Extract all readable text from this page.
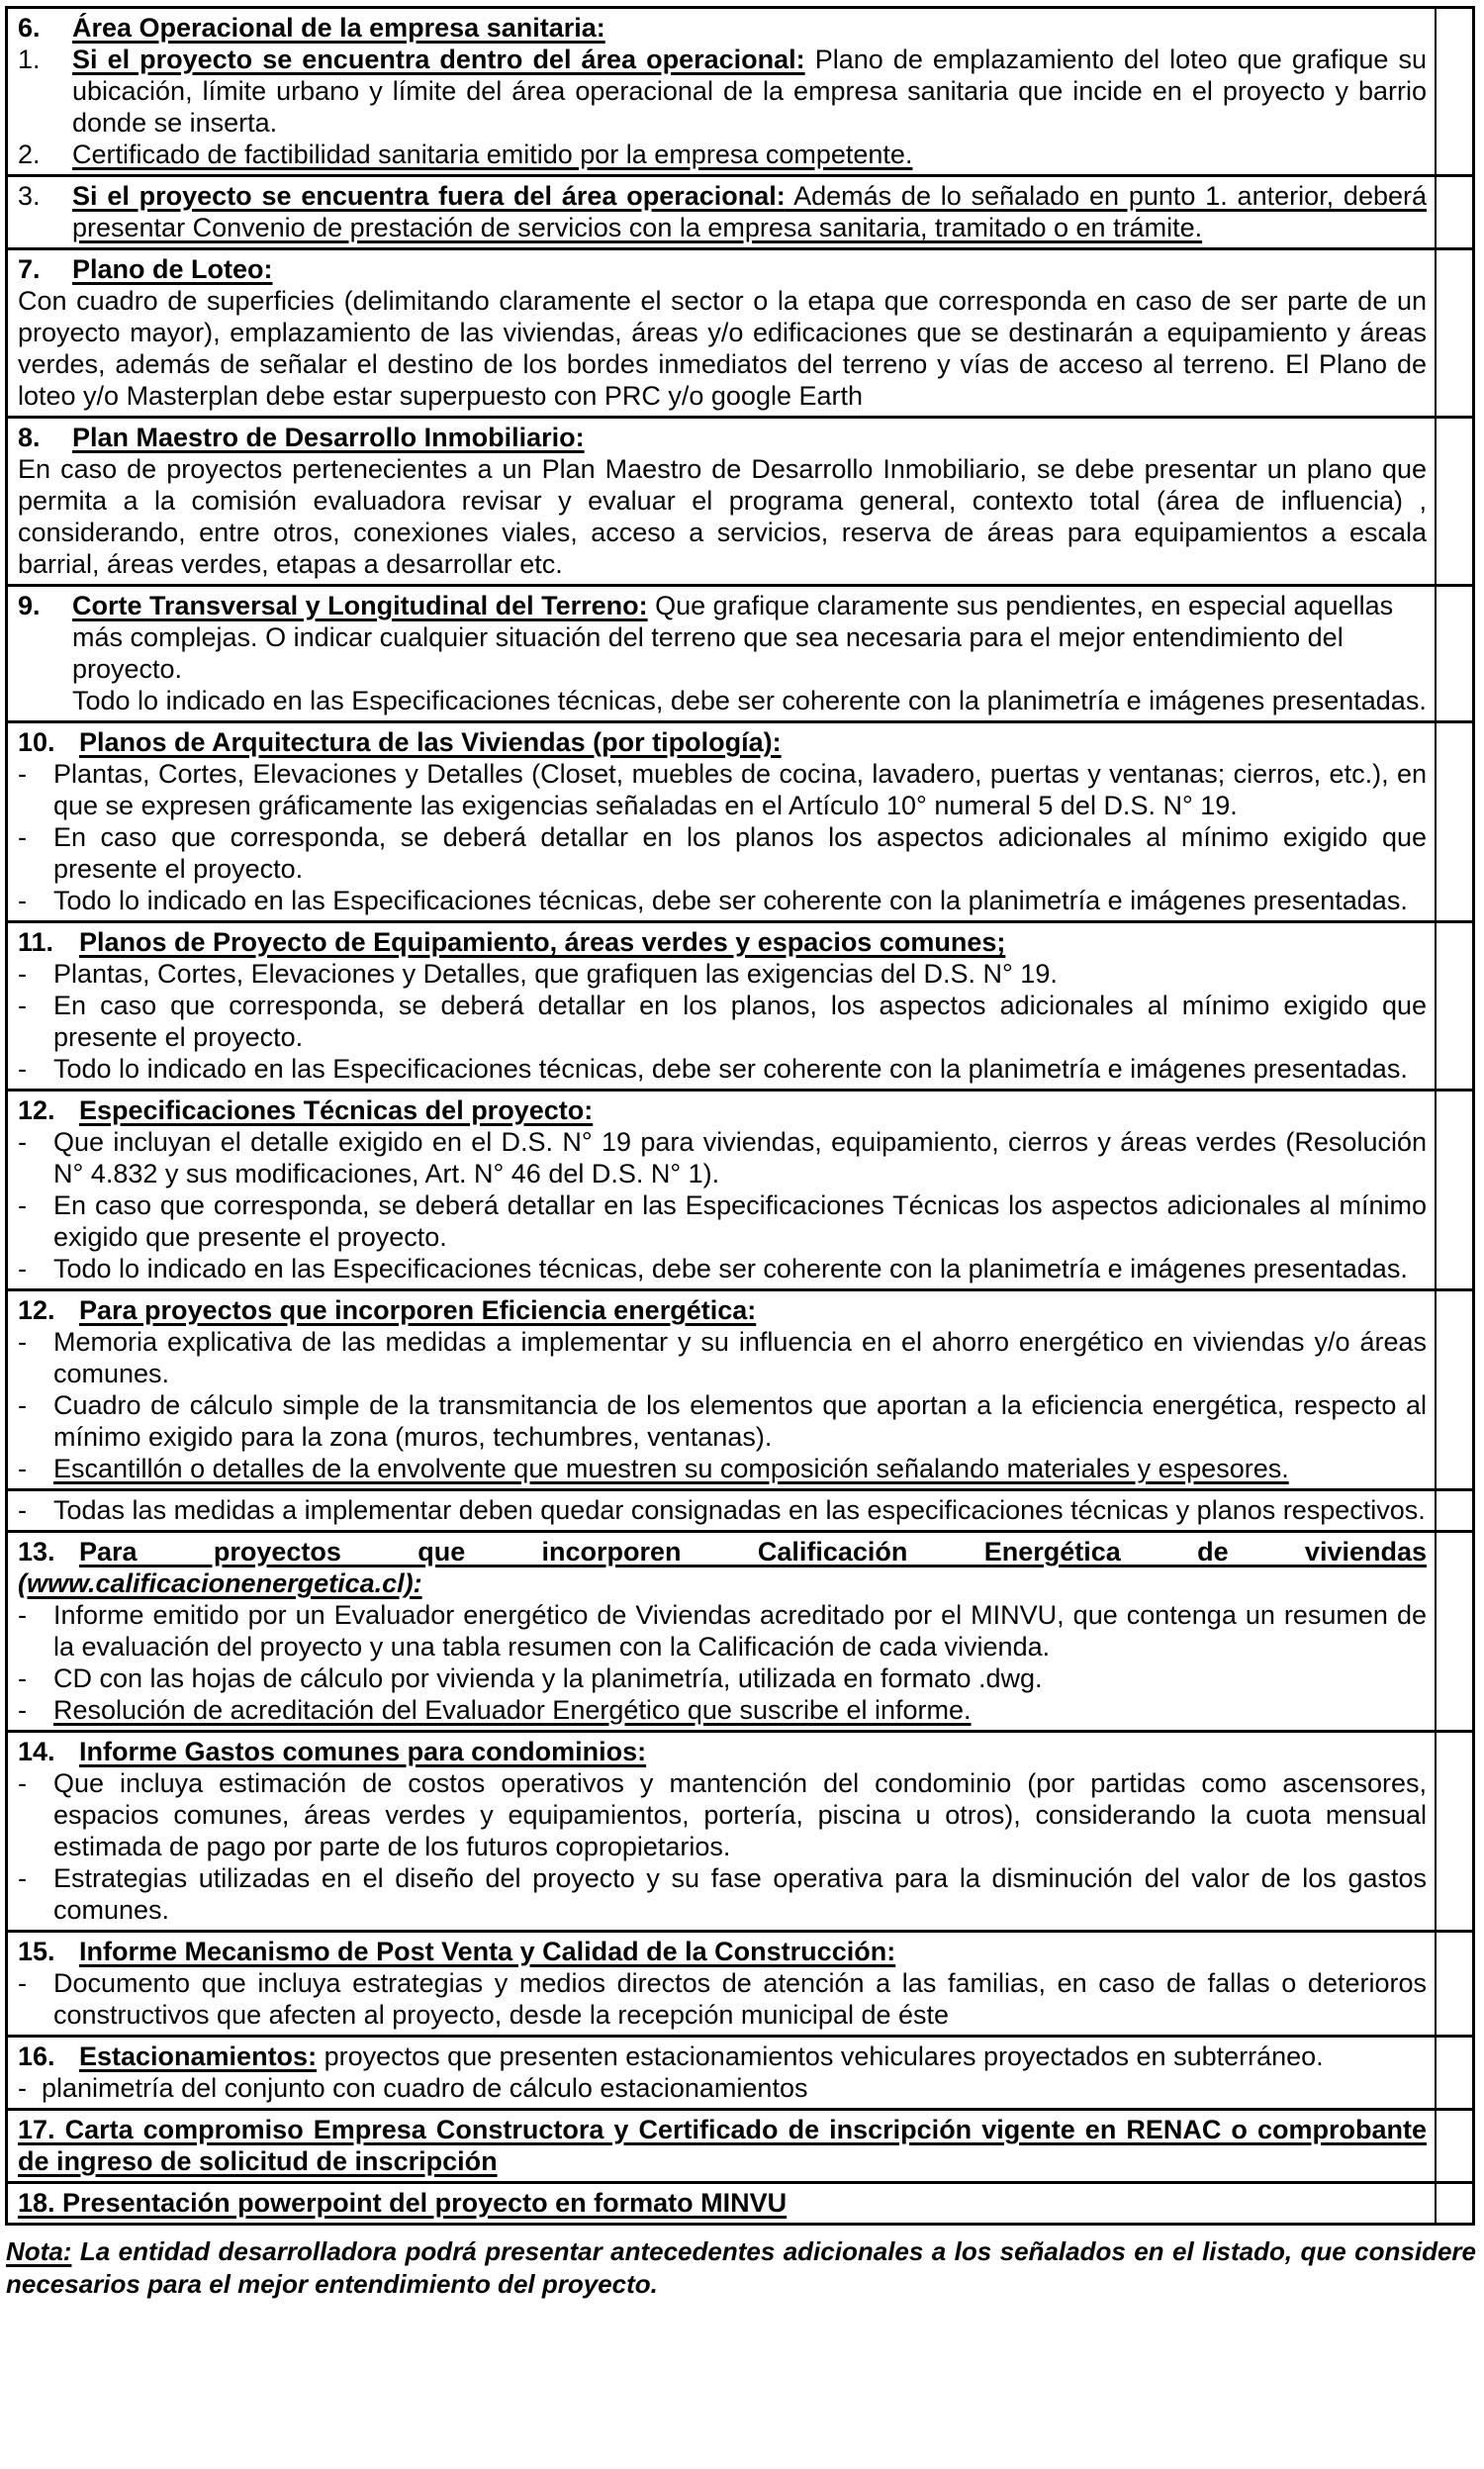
6. Área Operacional de la empresa sanitaria:
1. Si el proyecto se encuentra dentro del área operacional: Plano de emplazamiento del loteo que grafique su ubicación, límite urbano y límite del área operacional de la empresa sanitaria que incide en el proyecto y barrio donde se inserta.
2. Certificado de factibilidad sanitaria emitido por la empresa competente.
3. Si el proyecto se encuentra fuera del área operacional: Además de lo señalado en punto 1. anterior, deberá presentar Convenio de prestación de servicios con la empresa sanitaria, tramitado o en trámite.
7. Plano de Loteo:
Con cuadro de superficies (delimitando claramente el sector o la etapa que corresponda en caso de ser parte de un proyecto mayor), emplazamiento de las viviendas, áreas y/o edificaciones que se destinarán a equipamiento y áreas verdes, además de señalar el destino de los bordes inmediatos del terreno y vías de acceso al terreno. El Plano de loteo y/o Masterplan debe estar superpuesto con PRC y/o google Earth
8. Plan Maestro de Desarrollo Inmobiliario:
En caso de proyectos pertenecientes a un Plan Maestro de Desarrollo Inmobiliario, se debe presentar un plano que permita a la comisión evaluadora revisar y evaluar el programa general, contexto total (área de influencia) , considerando, entre otros, conexiones viales, acceso a servicios, reserva de áreas para equipamientos a escala barrial, áreas verdes, etapas a desarrollar etc.
9. Corte Transversal y Longitudinal del Terreno: Que grafique claramente sus pendientes, en especial aquellas más complejas. O indicar cualquier situación del terreno que sea necesaria para el mejor entendimiento del proyecto.
Todo lo indicado en las Especificaciones técnicas, debe ser coherente con la planimetría e imágenes presentadas.
10. Planos de Arquitectura de las Viviendas (por tipología):
- Plantas, Cortes, Elevaciones y Detalles (Closet, muebles de cocina, lavadero, puertas y ventanas; cierros, etc.), en que se expresen gráficamente las exigencias señaladas en el Artículo 10° numeral 5 del D.S. N° 19.
- En caso que corresponda, se deberá detallar en los planos los aspectos adicionales al mínimo exigido que presente el proyecto.
- Todo lo indicado en las Especificaciones técnicas, debe ser coherente con la planimetría e imágenes presentadas.
11. Planos de Proyecto de Equipamiento, áreas verdes y espacios comunes;
- Plantas, Cortes, Elevaciones y Detalles, que grafiquen las exigencias del D.S. N° 19.
- En caso que corresponda, se deberá detallar en los planos, los aspectos adicionales al mínimo exigido que presente el proyecto.
- Todo lo indicado en las Especificaciones técnicas, debe ser coherente con la planimetría e imágenes presentadas.
12. Especificaciones Técnicas del proyecto:
- Que incluyan el detalle exigido en el D.S. N° 19 para viviendas, equipamiento, cierros y áreas verdes (Resolución N° 4.832 y sus modificaciones, Art. N° 46 del D.S. N° 1).
- En caso que corresponda, se deberá detallar en las Especificaciones Técnicas los aspectos adicionales al mínimo exigido que presente el proyecto.
- Todo lo indicado en las Especificaciones técnicas, debe ser coherente con la planimetría e imágenes presentadas.
12. Para proyectos que incorporen Eficiencia energética:
- Memoria explicativa de las medidas a implementar y su influencia en el ahorro energético en viviendas y/o áreas comunes.
- Cuadro de cálculo simple de la transmitancia de los elementos que aportan a la eficiencia energética, respecto al mínimo exigido para la zona (muros, techumbres, ventanas).
- Escantillón o detalles de la envolvente que muestren su composición señalando materiales y espesores.
- Todas las medidas a implementar deben quedar consignadas en las especificaciones técnicas y planos respectivos.
13. Para proyectos que incorporen Calificación Energética de viviendas
(www.calificacionenergetica.cl):
- Informe emitido por un Evaluador energético de Viviendas acreditado por el MINVU, que contenga un resumen de la evaluación del proyecto y una tabla resumen con la Calificación de cada vivienda.
- CD con las hojas de cálculo por vivienda y la planimetría, utilizada en formato .dwg.
- Resolución de acreditación del Evaluador Energético que suscribe el informe.
14. Informe Gastos comunes para condominios:
- Que incluya estimación de costos operativos y mantención del condominio (por partidas como ascensores, espacios comunes, áreas verdes y equipamientos, portería, piscina u otros), considerando la cuota mensual estimada de pago por parte de los futuros copropietarios.
- Estrategias utilizadas en el diseño del proyecto y su fase operativa para la disminución del valor de los gastos comunes.
15. Informe Mecanismo de Post Venta y Calidad de la Construcción:
- Documento que incluya estrategias y medios directos de atención a las familias, en caso de fallas o deterioros constructivos que afecten al proyecto, desde la recepción municipal de éste
16. Estacionamientos: proyectos que presenten estacionamientos vehiculares proyectados en subterráneo.
- planimetría del conjunto con cuadro de cálculo estacionamientos
17. Carta compromiso Empresa Constructora y Certificado de inscripción vigente en RENAC o comprobante de ingreso de solicitud de inscripción
18. Presentación powerpoint del proyecto en formato MINVU
Nota: La entidad desarrolladora podrá presentar antecedentes adicionales a los señalados en el listado, que considere necesarios para el mejor entendimiento del proyecto.
